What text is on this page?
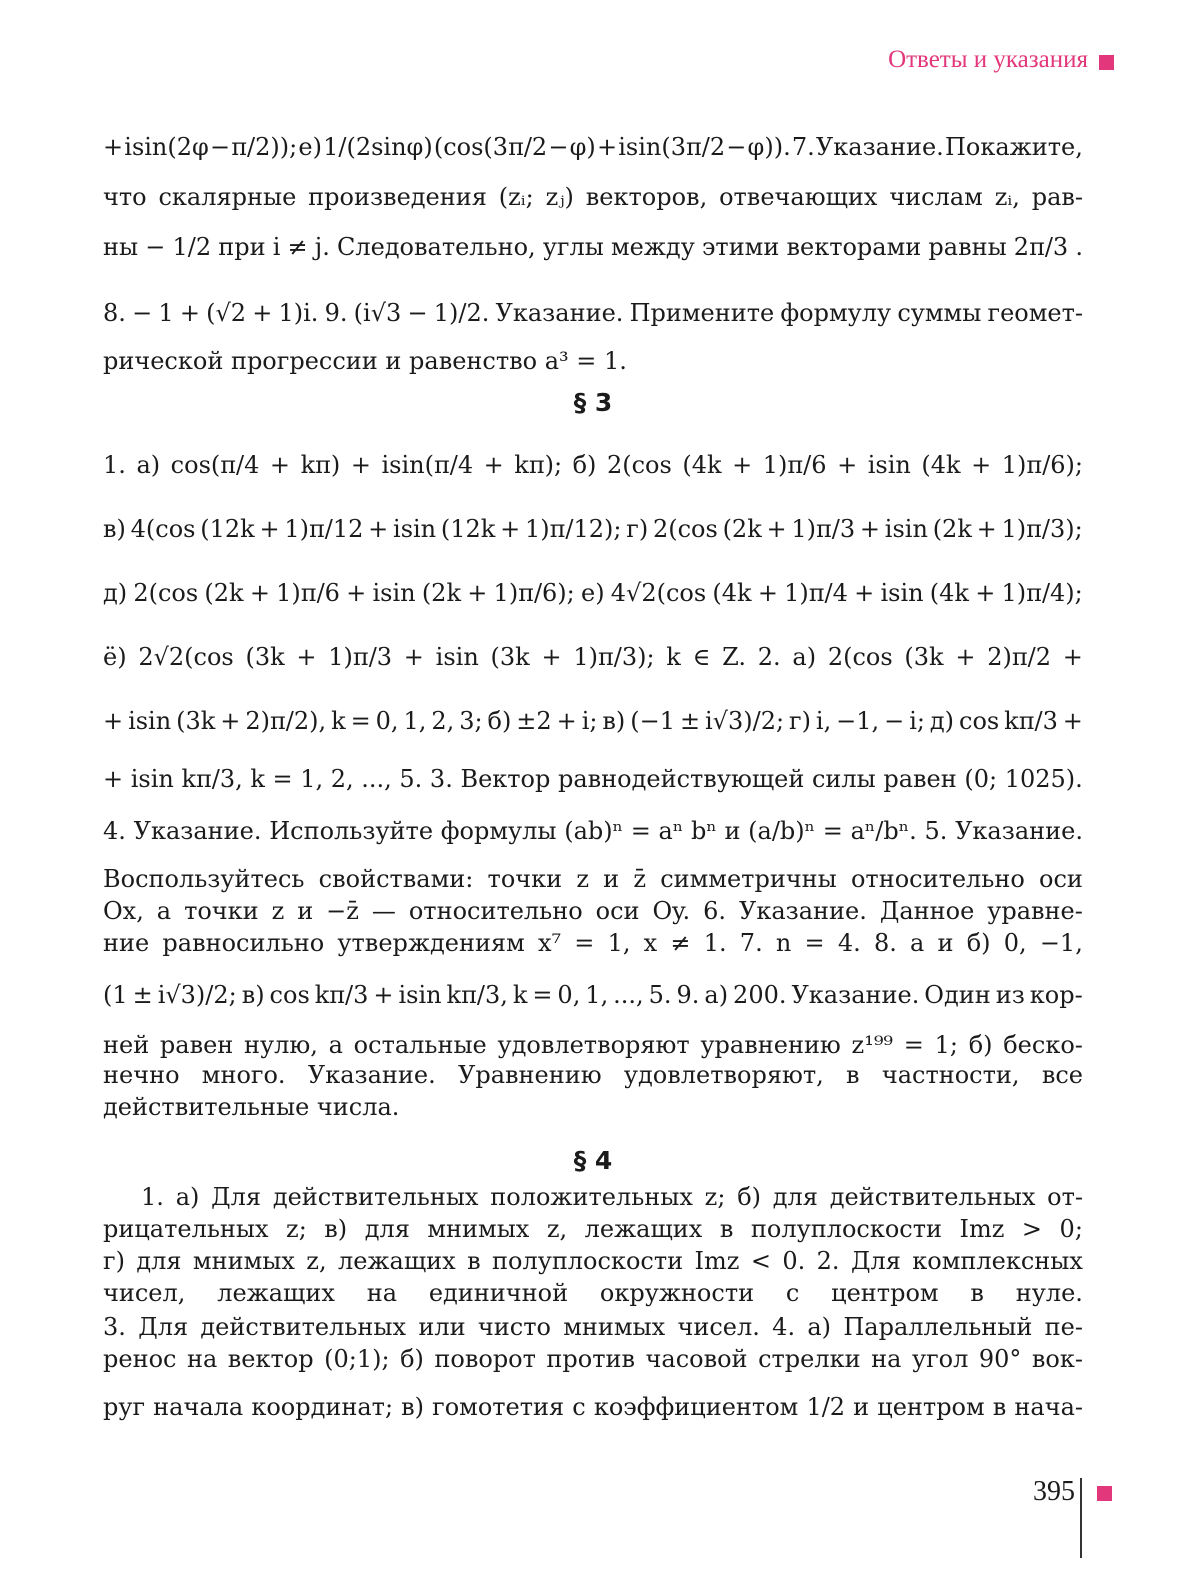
Ответы и указания
+ isin(2φ − π/2)); е) 1/(2sinφ) (cos(3π/2 − φ) + isin(3π/2 − φ)). 7. Указание. Покажите,
что скалярные произведения (zᵢ; zⱼ) векторов, отвечающих числам zᵢ, рав-
ны − 1/2 при i ≠ j. Следовательно, углы между этими векторами равны 2π/3 .
8. − 1 + (√2 + 1)i. 9. (i√3 − 1)/2. Указание. Примените формулу суммы геомет-
рической прогрессии и равенство a³ = 1.
§ 3
1. а) cos(π/4 + kπ) + isin(π/4 + kπ); б) 2(cos (4k + 1)π/6 + isin (4k + 1)π/6);
в) 4(cos (12k + 1)π/12 + isin (12k + 1)π/12); г) 2(cos (2k + 1)π/3 + isin (2k + 1)π/3);
д) 2(cos (2k + 1)π/6 + isin (2k + 1)π/6); е) 4√2(cos (4k + 1)π/4 + isin (4k + 1)π/4);
ё) 2√2(cos (3k + 1)π/3 + isin (3k + 1)π/3); k ∈ Z. 2. а) 2(cos (3k + 2)π/2 +
+ isin (3k + 2)π/2), k = 0, 1, 2, 3; б) ±2 + i; в) (−1 ± i√3)/2; г) i, −1, − i; д) cos kπ/3 +
+ isin kπ/3, k = 1, 2, ..., 5. 3. Вектор равнодействующей силы равен (0; 1025).
4. Указание. Используйте формулы (ab)ⁿ = aⁿ bⁿ и (a/b)ⁿ = aⁿ/bⁿ. 5. Указание.
Воспользуйтесь свойствами: точки z и z̄ симметричны относительно оси
Ox, а точки z и −z̄ — относительно оси Oy. 6. Указание. Данное уравне-
ние равносильно утверждениям x⁷ = 1, x ≠ 1. 7. n = 4. 8. а и б) 0, −1,
(1 ± i√3)/2; в) cos kπ/3 + isin kπ/3, k = 0, 1, ..., 5. 9. а) 200. Указание. Один из кор-
ней равен нулю, а остальные удовлетворяют уравнению z¹⁹⁹ = 1; б) беско-
нечно много. Указание. Уравнению удовлетворяют, в частности, все
действительные числа.
§ 4
1. а) Для действительных положительных z; б) для действительных от-
рицательных z; в) для мнимых z, лежащих в полуплоскости Imz > 0;
г) для мнимых z, лежащих в полуплоскости Imz < 0. 2. Для комплексных
чисел, лежащих на единичной окружности с центром в нуле.
3. Для действительных или чисто мнимых чисел. 4. а) Параллельный пе-
ренос на вектор (0;1); б) поворот против часовой стрелки на угол 90° вок-
руг начала координат; в) гомотетия с коэффициентом 1/2 и центром в нача-
395
